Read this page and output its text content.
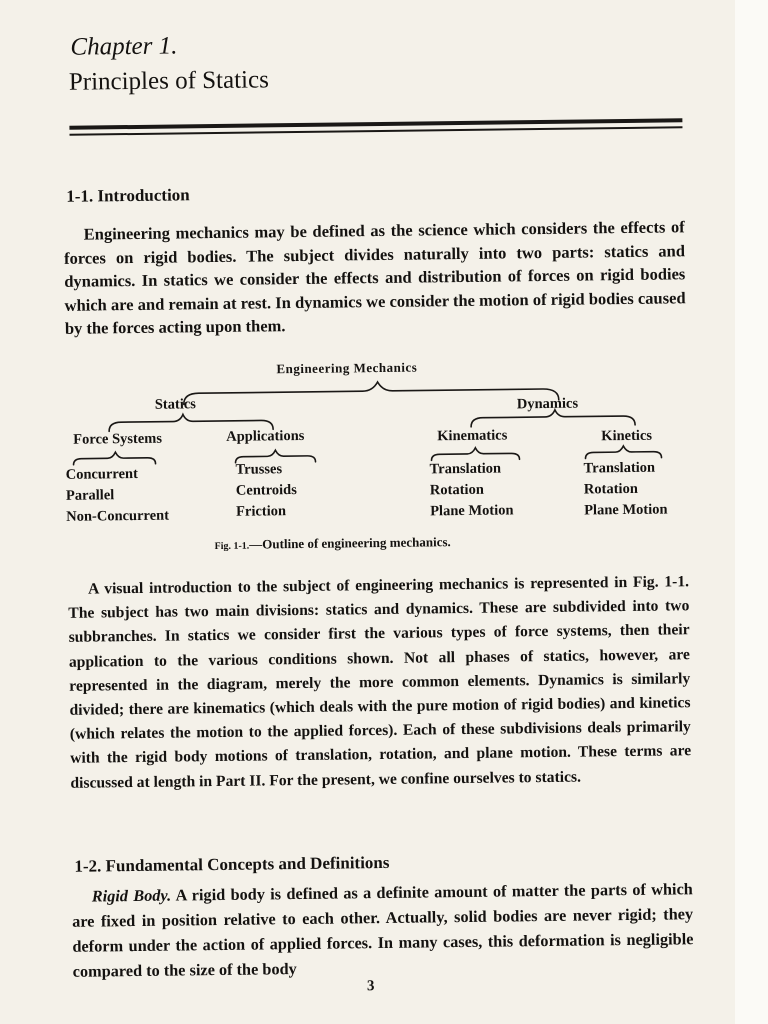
Chapter 1.
Principles of Statics
1-1. Introduction

Engineering mechanics may be defined as the science which considers the effects of forces on rigid bodies. The subject divides naturally into two parts: statics and dynamics. In statics we consider the effects and distribution of forces on rigid bodies which are and remain at rest. In dynamics we consider the motion of rigid bodies caused by the forces acting upon them.

Engineering Mechanics
Statics	Dynamics
Force Systems	Applications	Kinematics	Kinetics
Concurrent
Parallel
Non-Concurrent
Trusses
Centroids
Friction
Translation
Rotation
Plane Motion
Translation
Rotation
Plane Motion
Fig. 1-1.—Outline of engineering mechanics.

A visual introduction to the subject of engineering mechanics is represented in Fig. 1-1. The subject has two main divisions: statics and dynamics. These are subdivided into two subbranches. In statics we consider first the various types of force systems, then their application to the various conditions shown. Not all phases of statics, however, are represented in the diagram, merely the more common elements. Dynamics is similarly divided; there are kinematics (which deals with the pure motion of rigid bodies) and kinetics (which relates the motion to the applied forces). Each of these subdivisions deals primarily with the rigid body motions of translation, rotation, and plane motion. These terms are discussed at length in Part II. For the present, we confine ourselves to statics.

1-2. Fundamental Concepts and Definitions

Rigid Body. A rigid body is defined as a definite amount of matter the parts of which are fixed in position relative to each other. Actually, solid bodies are never rigid; they deform under the action of applied forces. In many cases, this deformation is negligible compared to the size of the body

3
